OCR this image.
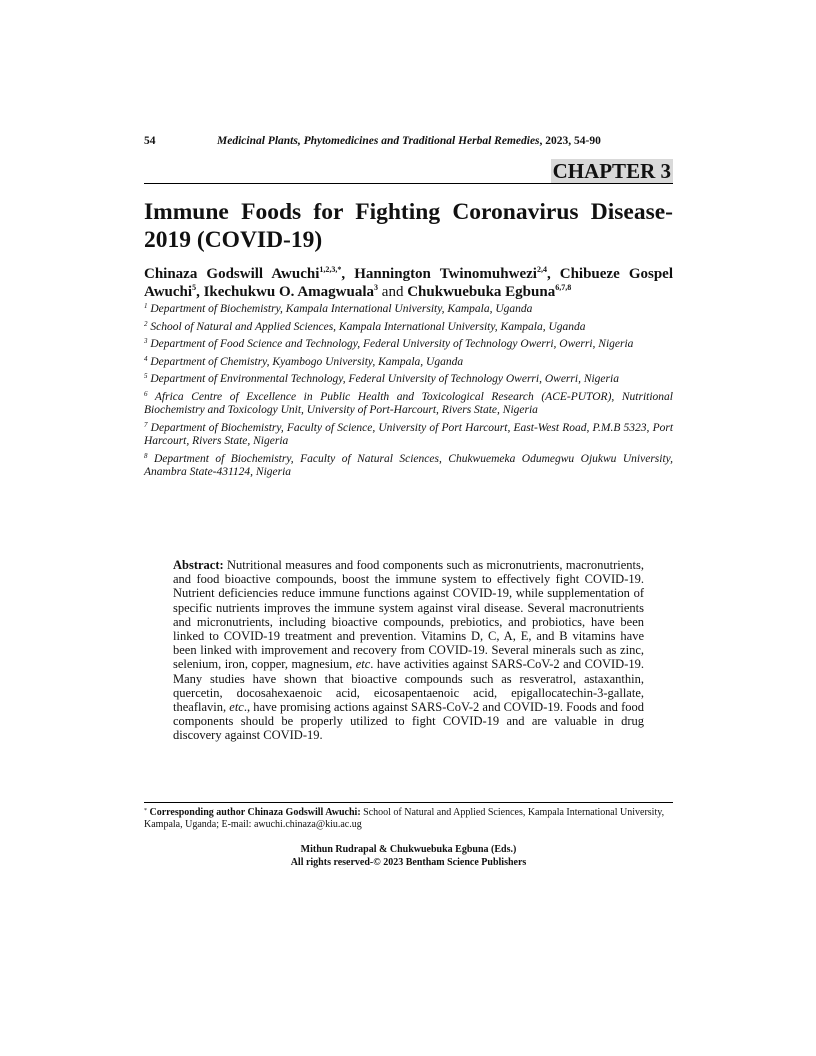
54	Medicinal Plants, Phytomedicines and Traditional Herbal Remedies, 2023, 54-90
CHAPTER 3
Immune Foods for Fighting Coronavirus Disease-2019 (COVID-19)
Chinaza Godswill Awuchi$^{1,2,3,*}$, Hannington Twinomuhwezi$^{2,4}$, Chibueze Gospel Awuchi$^5$, Ikechukwu O. Amagwuala$^3$ and Chukwuebuka Egbuna$^{6,7,8}$

$^1$ Department of Biochemistry, Kampala International University, Kampala, Uganda

$^2$ School of Natural and Applied Sciences, Kampala International University, Kampala, Uganda

$^3$ Department of Food Science and Technology, Federal University of Technology Owerri, Owerri, Nigeria

$^4$ Department of Chemistry, Kyambogo University, Kampala, Uganda

$^5$ Department of Environmental Technology, Federal University of Technology Owerri, Owerri, Nigeria

$^6$ Africa Centre of Excellence in Public Health and Toxicological Research (ACE-PUTOR), Nutritional Biochemistry and Toxicology Unit, University of Port-Harcourt, Rivers State, Nigeria

$^7$ Department of Biochemistry, Faculty of Science, University of Port Harcourt, East-West Road, P.M.B 5323, Port Harcourt, Rivers State, Nigeria

$^8$ Department of Biochemistry, Faculty of Natural Sciences, Chukwuemeka Odumegwu Ojukwu University, Anambra State-431124, Nigeria

Abstract: Nutritional measures and food components such as micronutrients, macronutrients, and food bioactive compounds, boost the immune system to effectively fight COVID-19. Nutrient deficiencies reduce immune functions against COVID-19, while supplementation of specific nutrients improves the immune system against viral disease. Several macronutrients and micronutrients, including bioactive compounds, prebiotics, and probiotics, have been linked to COVID-19 treatment and prevention. Vitamins D, C, A, E, and B vitamins have been linked with improvement and recovery from COVID-19. Several minerals such as zinc, selenium, iron, copper, magnesium, etc. have activities against SARS-CoV-2 and COVID-19. Many studies have shown that bioactive compounds such as resveratrol, astaxanthin, quercetin, docosahexaenoic acid, eicosapentaenoic acid, epigallocatechin-3-gallate, theaflavin, etc., have promising actions against SARS-CoV-2 and COVID-19. Foods and food components should be properly utilized to fight COVID-19 and are valuable in drug discovery against COVID-19.
* Corresponding author Chinaza Godswill Awuchi: School of Natural and Applied Sciences, Kampala International University, Kampala, Uganda; E-mail: awuchi.chinaza@kiu.ac.ug
Mithun Rudrapal & Chukwuebuka Egbuna (Eds.)
All rights reserved-© 2023 Bentham Science Publishers
